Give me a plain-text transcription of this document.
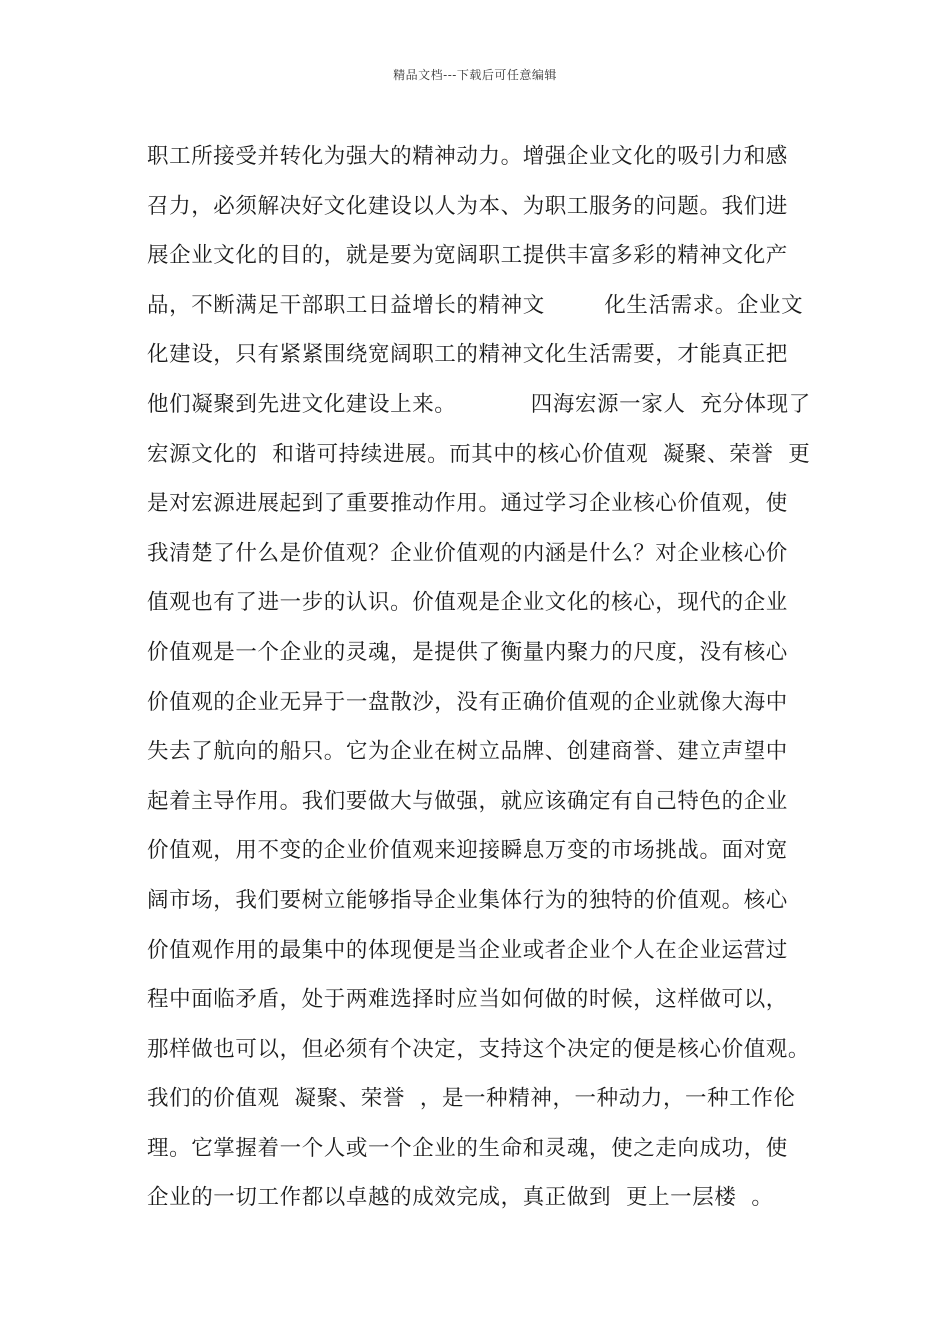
精品文档---下载后可任意编辑
职工所接受并转化为强大的精神动力。增强企业文化的吸引力和感
召力，必须解决好文化建设以人为本、为职工服务的问题。我们进
展企业文化的目的，就是要为宽阔职工提供丰富多彩的精神文化产
品，不断满足干部职工日益增长的精神文        化生活需求。企业文
化建设，只有紧紧围绕宽阔职工的精神文化生活需要，才能真正把
他们凝聚到先进文化建设上来。          四海宏源一家人  充分体现了
宏源文化的  和谐可持续进展。而其中的核心价值观  凝聚、荣誉  更
是对宏源进展起到了重要推动作用。通过学习企业核心价值观，使
我清楚了什么是价值观？企业价值观的内涵是什么？对企业核心价
值观也有了进一步的认识。价值观是企业文化的核心，现代的企业
价值观是一个企业的灵魂，是提供了衡量内聚力的尺度，没有核心
价值观的企业无异于一盘散沙，没有正确价值观的企业就像大海中
失去了航向的船只。它为企业在树立品牌、创建商誉、建立声望中
起着主导作用。我们要做大与做强，就应该确定有自己特色的企业
价值观，用不变的企业价值观来迎接瞬息万变的市场挑战。面对宽
阔市场，我们要树立能够指导企业集体行为的独特的价值观。核心
价值观作用的最集中的体现便是当企业或者企业个人在企业运营过
程中面临矛盾，处于两难选择时应当如何做的时候，这样做可以，
那样做也可以，但必须有个决定，支持这个决定的便是核心价值观。
我们的价值观  凝聚、荣誉  ，是一种精神，一种动力，一种工作伦
理。它掌握着一个人或一个企业的生命和灵魂，使之走向成功，使
企业的一切工作都以卓越的成效完成，真正做到  更上一层楼  。
